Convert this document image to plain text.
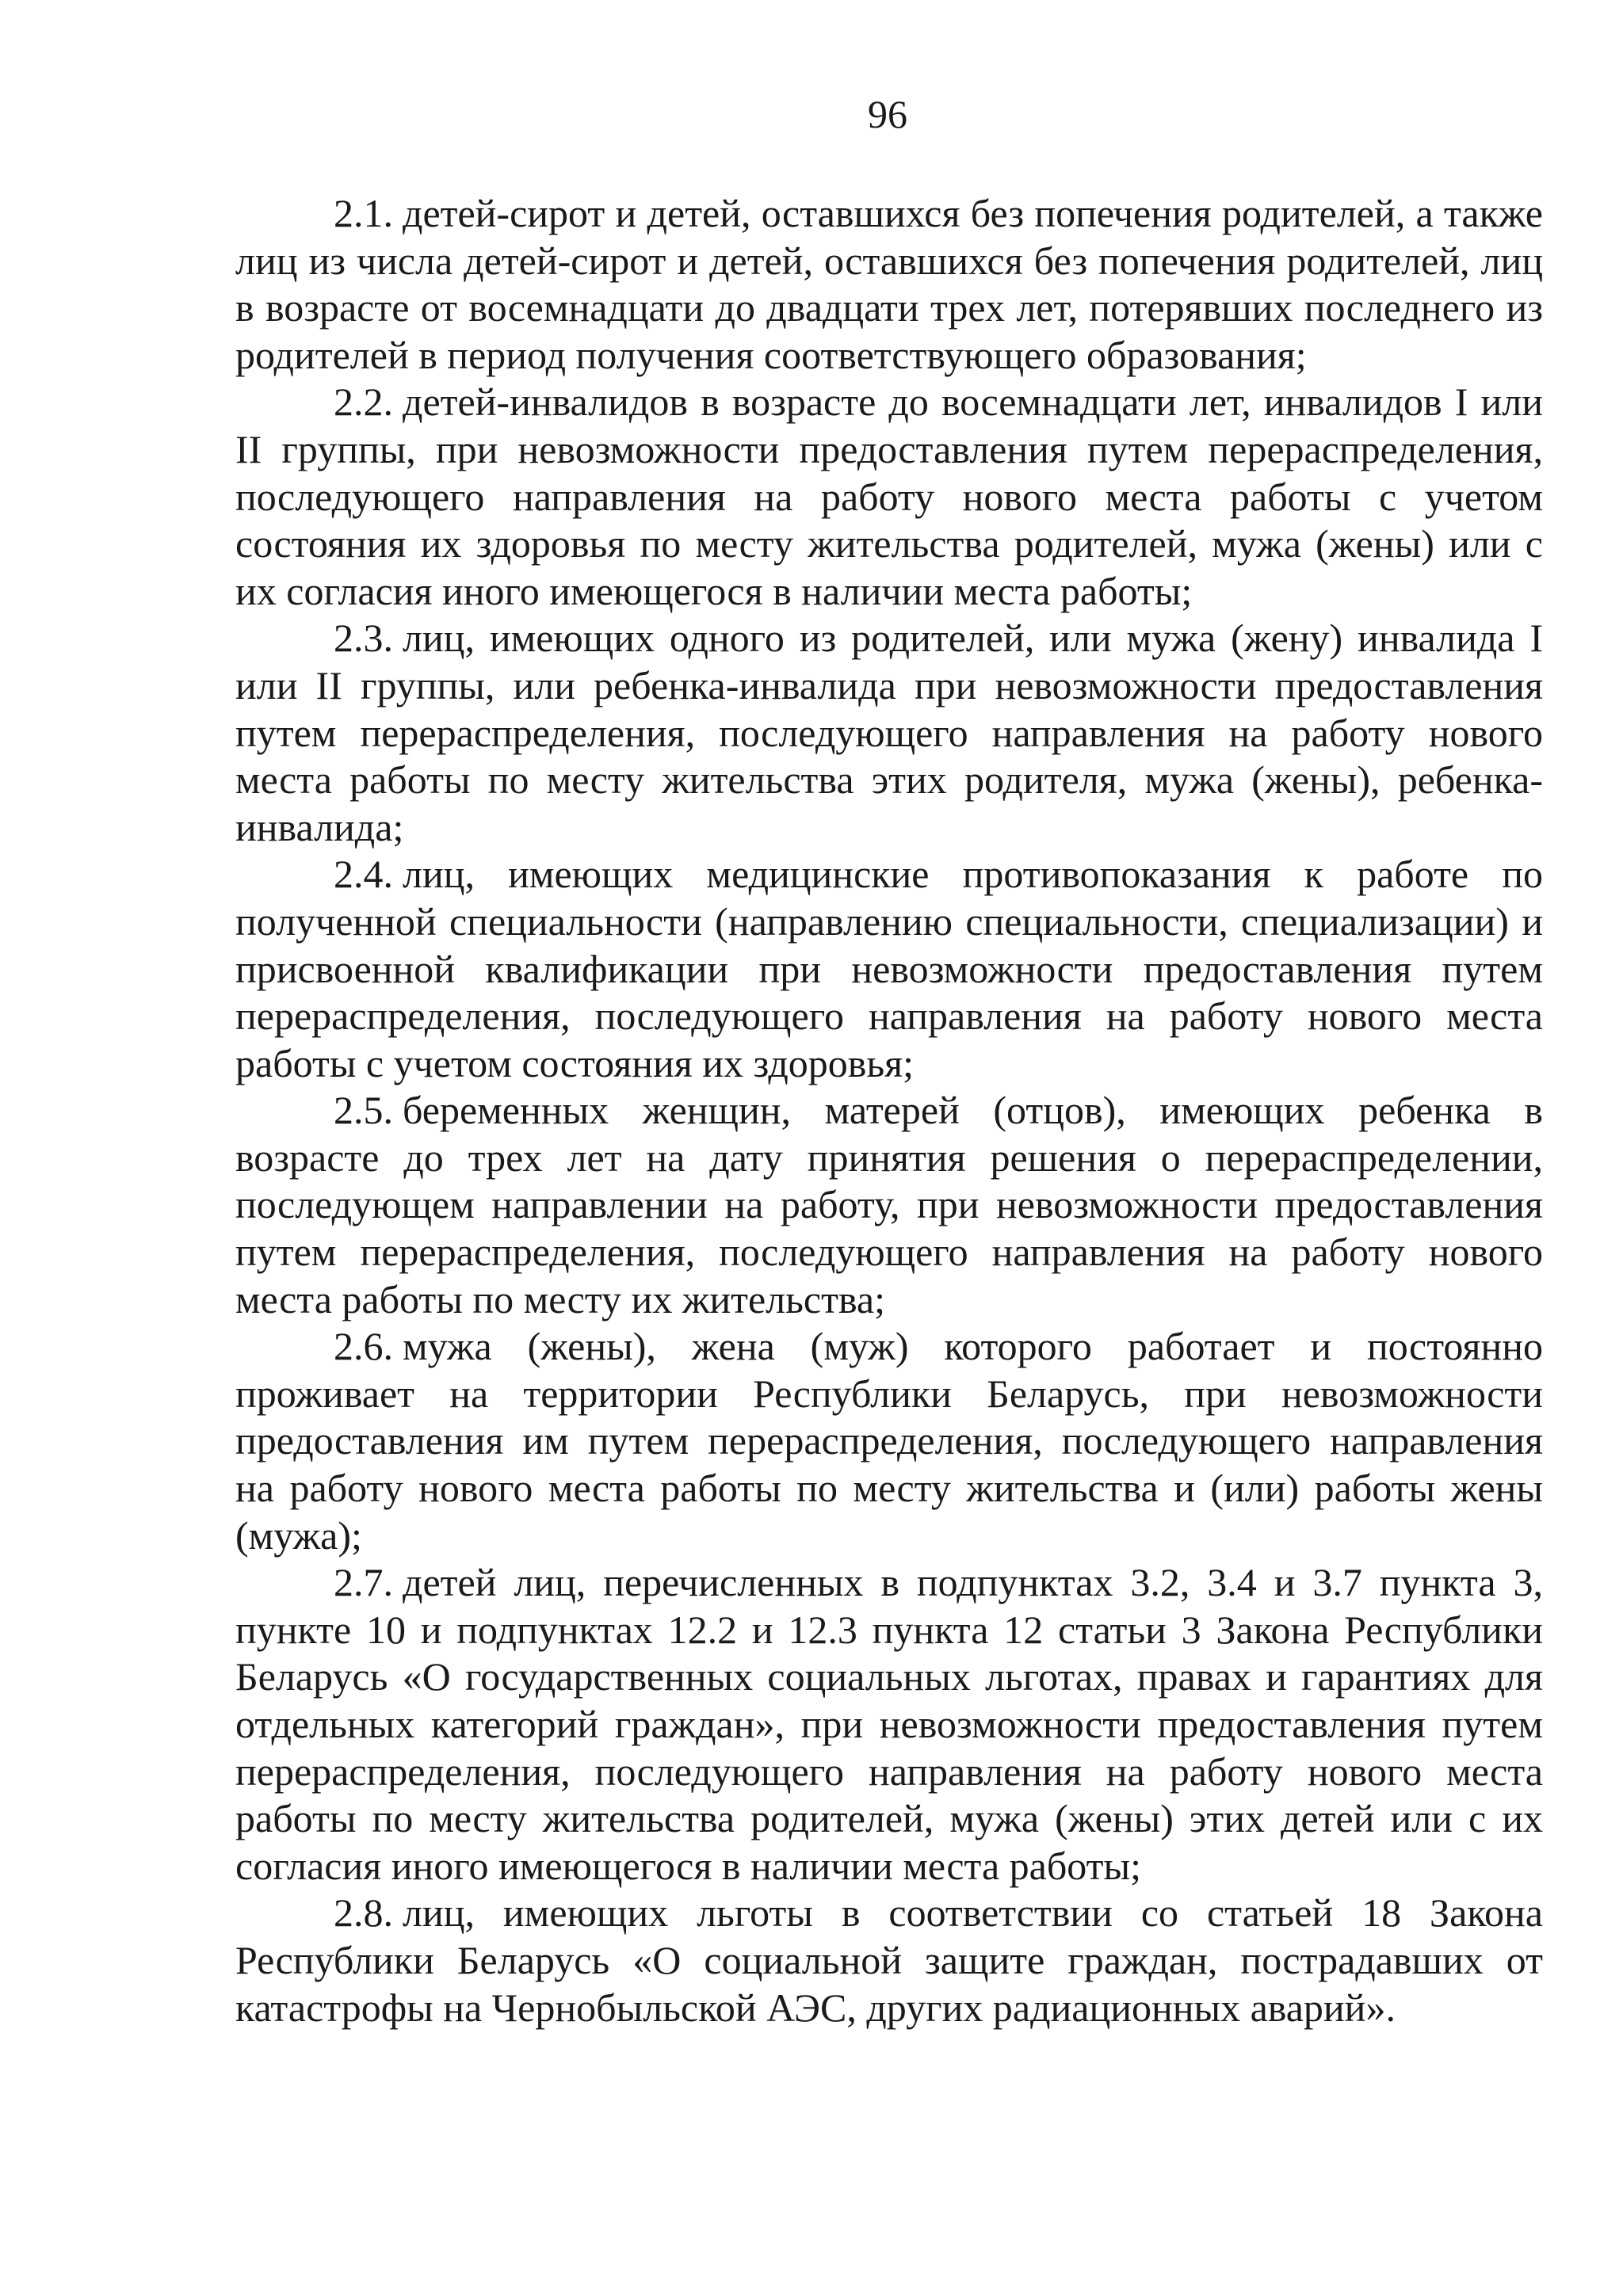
96

2.1. детей-сирот и детей, оставшихся без попечения родителей, а также лиц из числа детей-сирот и детей, оставшихся без попечения родителей, лиц в возрасте от восемнадцати до двадцати трех лет, потерявших последнего из родителей в период получения соответствующего образования;

2.2. детей-инвалидов в возрасте до восемнадцати лет, инвалидов I или II группы, при невозможности предоставления путем перераспределения, последующего направления на работу нового места работы с учетом состояния их здоровья по месту жительства родителей, мужа (жены) или с их согласия иного имеющегося в наличии места работы;

2.3. лиц, имеющих одного из родителей, или мужа (жену) инвалида I или II группы, или ребенка-инвалида при невозможности предоставления путем перераспределения, последующего направления на работу нового места работы по месту жительства этих родителя, мужа (жены), ребенка-инвалида;

2.4. лиц, имеющих медицинские противопоказания к работе по полученной специальности (направлению специальности, специализации) и присвоенной квалификации при невозможности предоставления путем перераспределения, последующего направления на работу нового места работы с учетом состояния их здоровья;

2.5. беременных женщин, матерей (отцов), имеющих ребенка в возрасте до трех лет на дату принятия решения о перераспределении, последующем направлении на работу, при невозможности предоставления путем перераспределения, последующего направления на работу нового места работы по месту их жительства;

2.6. мужа (жены), жена (муж) которого работает и постоянно проживает на территории Республики Беларусь, при невозможности предоставления им путем перераспределения, последующего направления на работу нового места работы по месту жительства и (или) работы жены (мужа);

2.7. детей лиц, перечисленных в подпунктах 3.2, 3.4 и 3.7 пункта 3, пункте 10 и подпунктах 12.2 и 12.3 пункта 12 статьи 3 Закона Республики Беларусь «О государственных социальных льготах, правах и гарантиях для отдельных категорий граждан», при невозможности предоставления путем перераспределения, последующего направления на работу нового места работы по месту жительства родителей, мужа (жены) этих детей или с их согласия иного имеющегося в наличии места работы;

2.8. лиц, имеющих льготы в соответствии со статьей 18 Закона Республики Беларусь «О социальной защите граждан, пострадавших от катастрофы на Чернобыльской АЭС, других радиационных аварий».
